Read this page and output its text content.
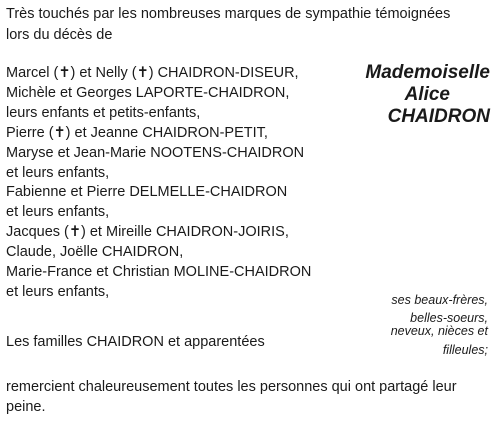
Très touchés par les nombreuses marques de sympathie témoignées
lors du décès de
Marcel (✝) et Nelly (✝) CHAIDRON-DISEUR,
Michèle et Georges LAPORTE-CHAIDRON,
leurs enfants et petits-enfants,
Pierre (✝) et Jeanne CHAIDRON-PETIT,
Maryse et Jean-Marie NOOTENS-CHAIDRON
et leurs enfants,
Fabienne et Pierre DELMELLE-CHAIDRON
et leurs enfants,
Jacques (✝) et Mireille CHAIDRON-JOIRIS,
Claude, Joëlle CHAIDRON,
Marie-France et Christian MOLINE-CHAIDRON
et leurs enfants,
Mademoiselle
Alice
CHAIDRON
ses beaux-frères,
belles-soeurs,
neveux, nièces et
filleules;
Les familles CHAIDRON et apparentées
remercient chaleureusement toutes les personnes qui ont partagé leur
peine.
